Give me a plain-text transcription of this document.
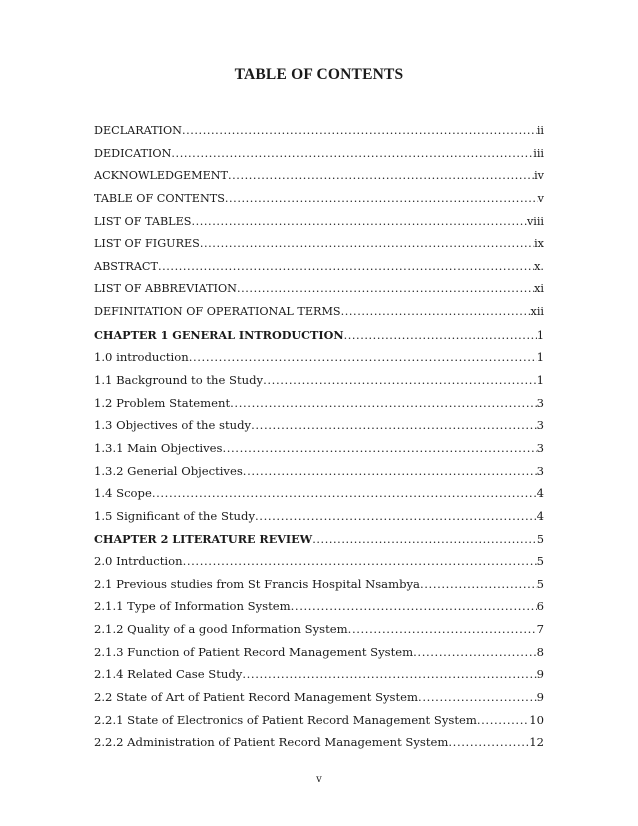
TABLE OF CONTENTS
DECLARATION .....	ii
DEDICATION .....	iii
ACKNOWLEDGEMENT .....	iv
TABLE OF CONTENTS .....	v
LIST OF TABLES .....	viii
LIST OF FIGURES .....	ix
ABSTRACT .....	x.
LIST OF ABBREVIATION .....	xi
DEFINITATION OF OPERATIONAL TERMS .....	xii
CHAPTER 1 GENERAL INTRODUCTION .....	1
1.0 introduction .....	1
1.1 Background to the Study .....	1
1.2 Problem Statement .....	3
1.3 Objectives of the study .....	3
1.3.1 Main Objectives .....	3
1.3.2 Generial Objectives .....	3
1.4 Scope .....	4
1.5 Significant of the Study .....	4
CHAPTER 2 LITERATURE REVIEW .....	5
2.0 Intrduction .....	5
2.1 Previous studies from St Francis Hospital Nsambya .....	5
2.1.1 Type of Information System .....	6
2.1.2 Quality of a good Information System .....	7
2.1.3 Function of Patient Record Management System .....	8
2.1.4 Related Case Study .....	9
2.2 State of Art of Patient Record Management System .....	9
2.2.1 State of Electronics of Patient Record Management System .....	10
2.2.2 Administration of Patient Record Management System .....	12
v
